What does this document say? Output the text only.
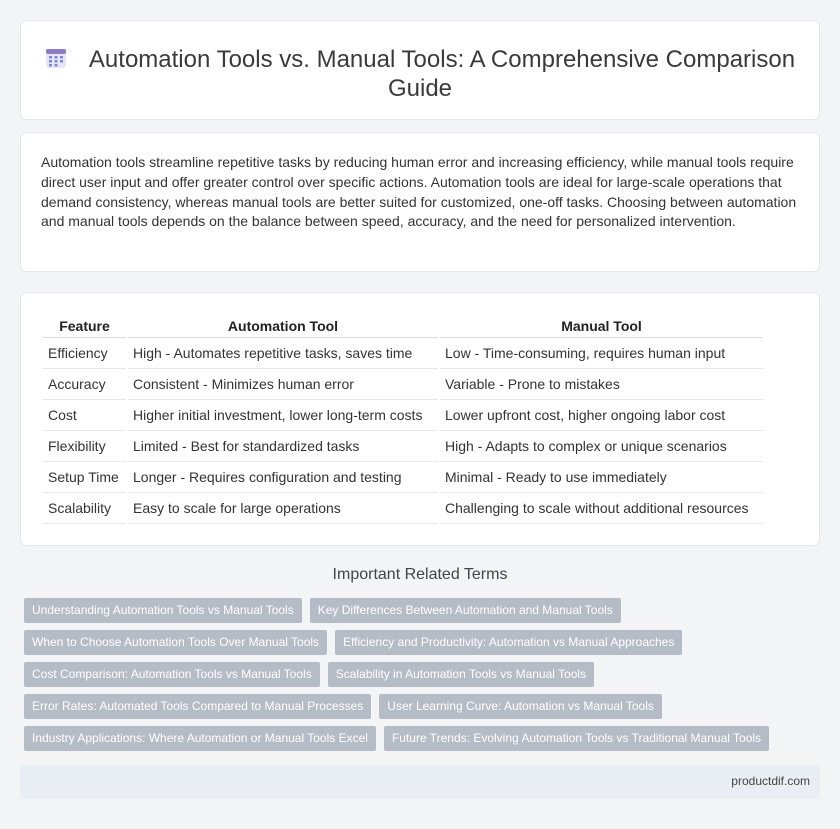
Automation Tools vs. Manual Tools: A Comprehensive Comparison Guide

Automation tools streamline repetitive tasks by reducing human error and increasing efficiency, while manual tools require direct user input and offer greater control over specific actions. Automation tools are ideal for large-scale operations that demand consistency, whereas manual tools are better suited for customized, one-off tasks. Choosing between automation and manual tools depends on the balance between speed, accuracy, and the need for personalized intervention.

Feature	Automation Tool	Manual Tool
Efficiency	High - Automates repetitive tasks, saves time	Low - Time-consuming, requires human input
Accuracy	Consistent - Minimizes human error	Variable - Prone to mistakes
Cost	Higher initial investment, lower long-term costs	Lower upfront cost, higher ongoing labor cost
Flexibility	Limited - Best for standardized tasks	High - Adapts to complex or unique scenarios
Setup Time	Longer - Requires configuration and testing	Minimal - Ready to use immediately
Scalability	Easy to scale for large operations	Challenging to scale without additional resources
Important Related Terms
Understanding Automation Tools vs Manual Tools Key Differences Between Automation and Manual Tools
When to Choose Automation Tools Over Manual Tools Efficiency and Productivity: Automation vs Manual Approaches
Cost Comparison: Automation Tools vs Manual Tools Scalability in Automation Tools vs Manual Tools
Error Rates: Automated Tools Compared to Manual Processes User Learning Curve: Automation vs Manual Tools
Industry Applications: Where Automation or Manual Tools Excel Future Trends: Evolving Automation Tools vs Traditional Manual Tools
productdif.com
